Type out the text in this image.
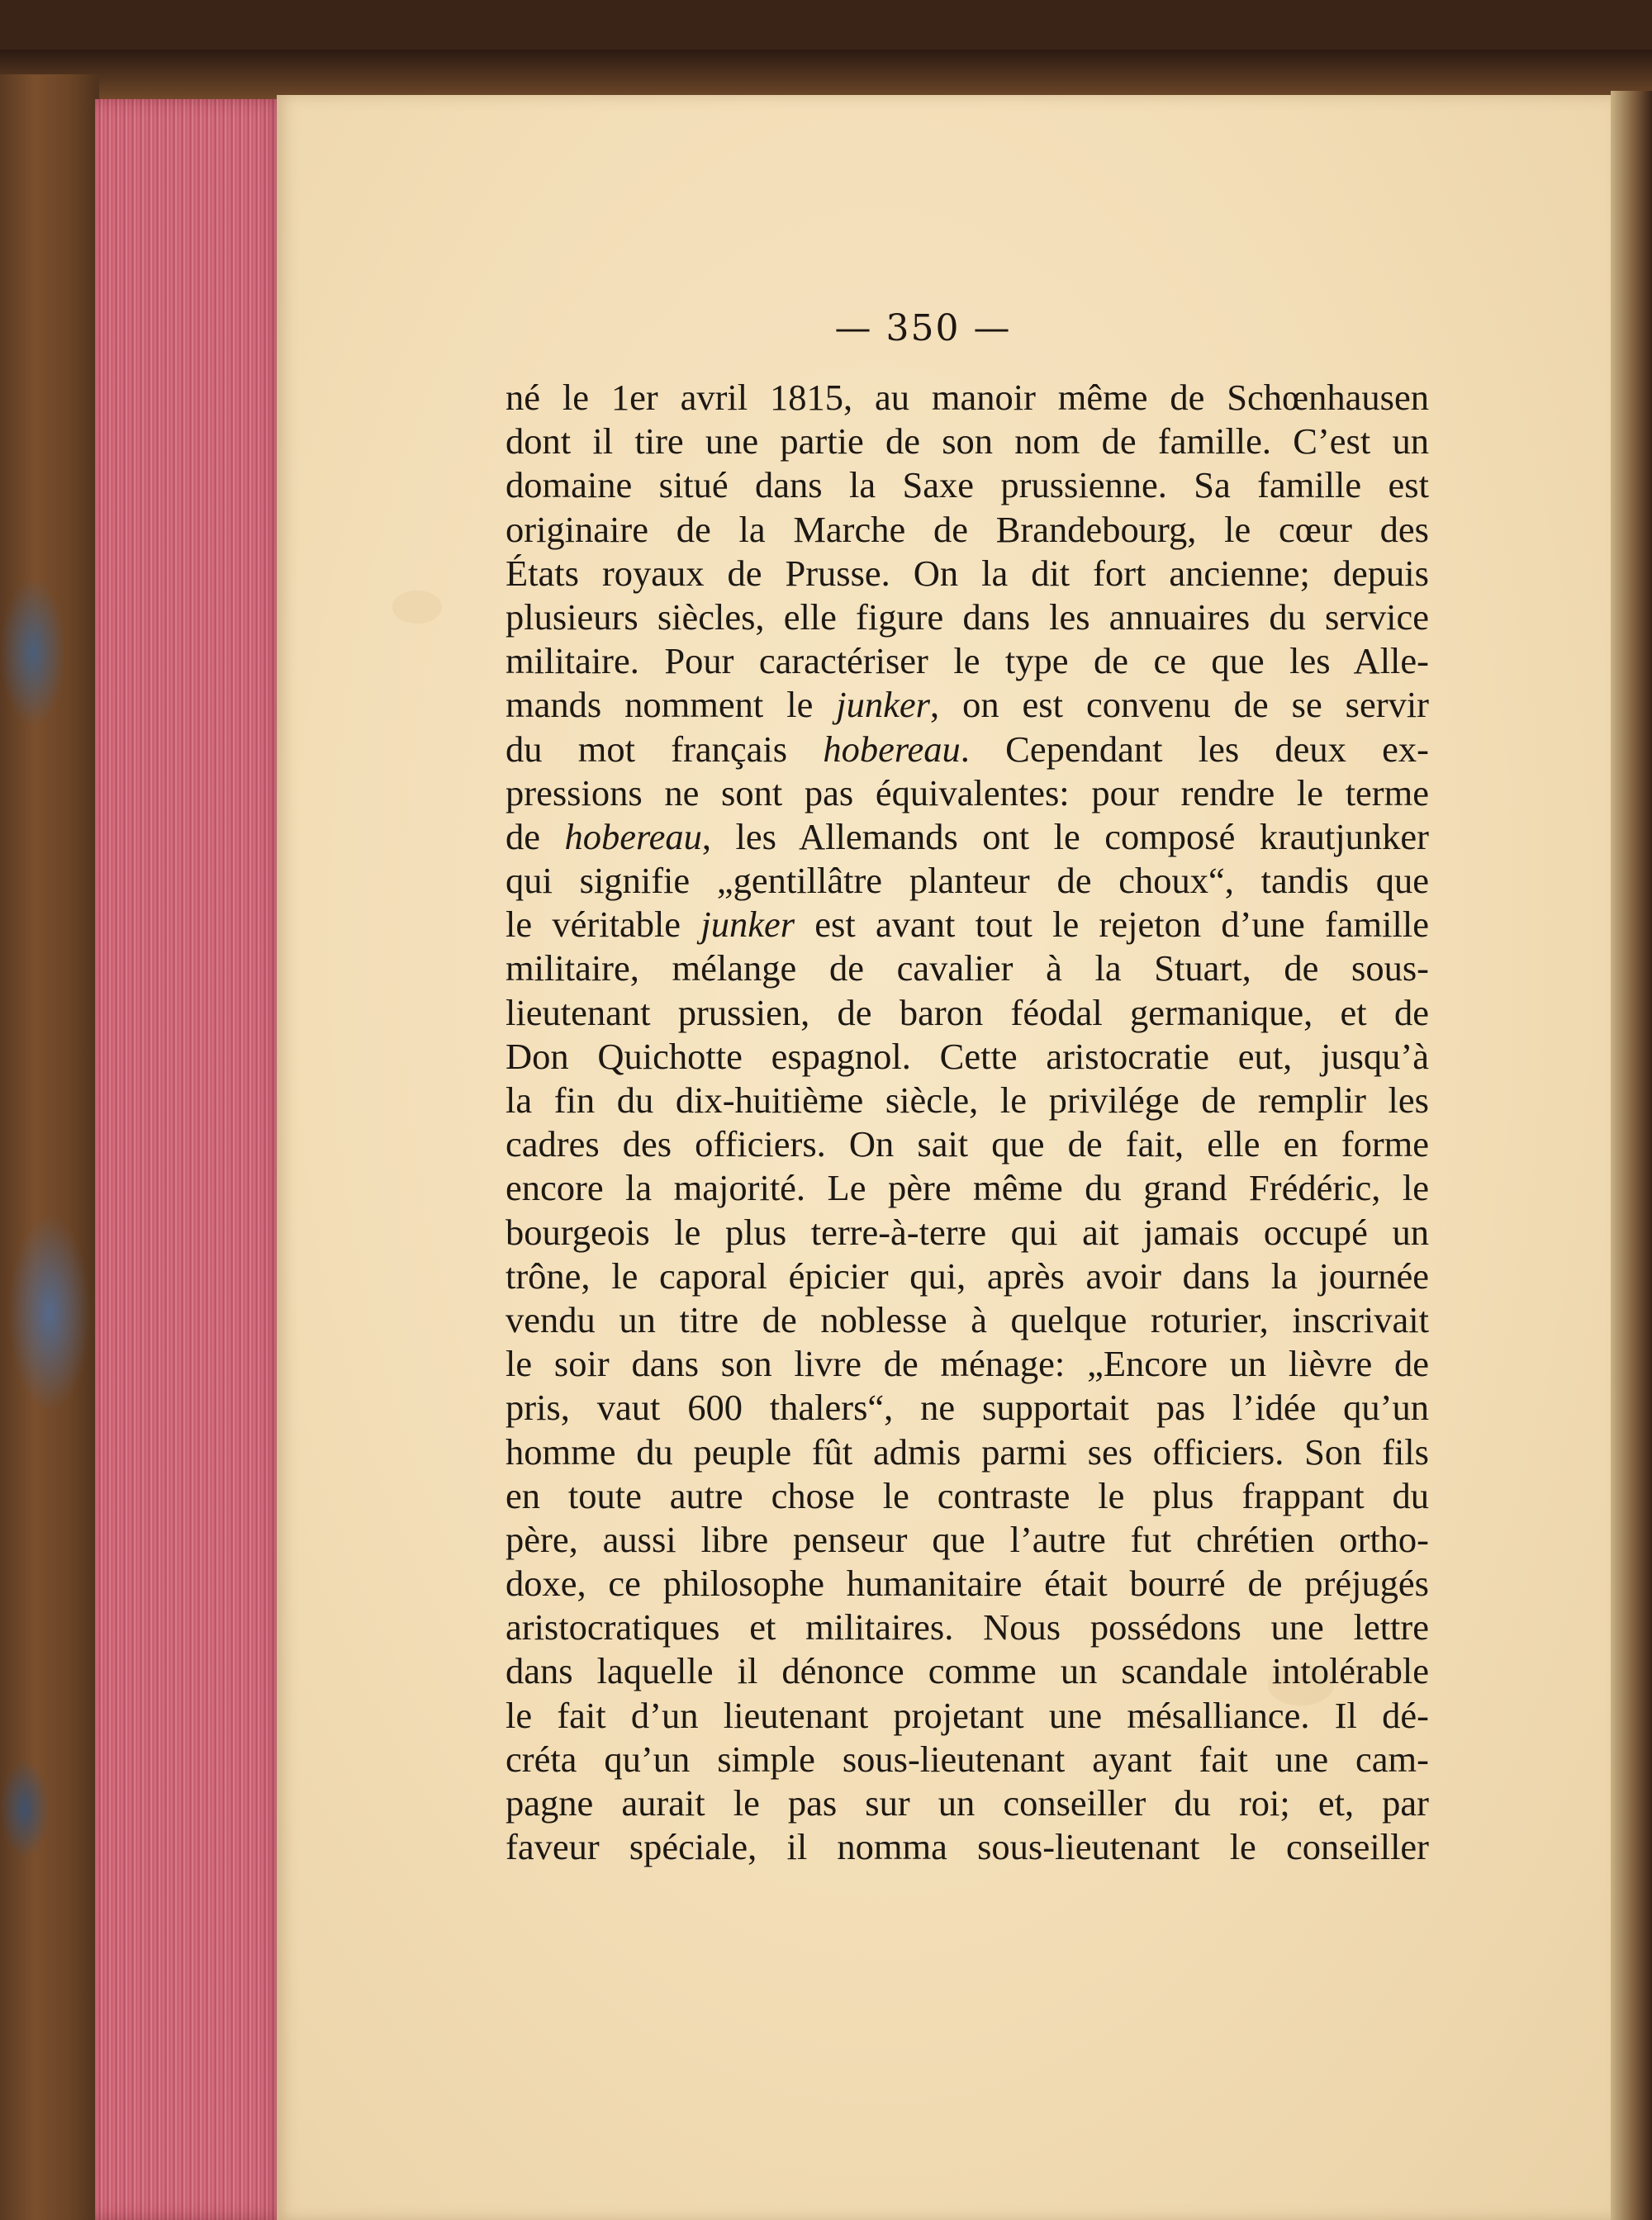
— 350 —
né le 1er avril 1815, au manoir même de Schœnhausen
dont il tire une partie de son nom de famille. C’est un
domaine situé dans la Saxe prussienne. Sa famille est
originaire de la Marche de Brandebourg, le cœur des
États royaux de Prusse. On la dit fort ancienne; depuis
plusieurs siècles, elle figure dans les annuaires du service
militaire. Pour caractériser le type de ce que les Alle-
mands nomment le junker, on est convenu de se servir
du mot français hobereau. Cependant les deux ex-
pressions ne sont pas équivalentes: pour rendre le terme
de hobereau, les Allemands ont le composé krautjunker
qui signifie „gentillâtre planteur de choux“, tandis que
le véritable junker est avant tout le rejeton d’une famille
militaire, mélange de cavalier à la Stuart, de sous-
lieutenant prussien, de baron féodal germanique, et de
Don Quichotte espagnol. Cette aristocratie eut, jusqu’à
la fin du dix-huitième siècle, le privilége de remplir les
cadres des officiers. On sait que de fait, elle en forme
encore la majorité. Le père même du grand Frédéric, le
bourgeois le plus terre-à-terre qui ait jamais occupé un
trône, le caporal épicier qui, après avoir dans la journée
vendu un titre de noblesse à quelque roturier, inscrivait
le soir dans son livre de ménage: „Encore un lièvre de
pris, vaut 600 thalers“, ne supportait pas l’idée qu’un
homme du peuple fût admis parmi ses officiers. Son fils
en toute autre chose le contraste le plus frappant du
père, aussi libre penseur que l’autre fut chrétien ortho-
doxe, ce philosophe humanitaire était bourré de préjugés
aristocratiques et militaires. Nous possédons une lettre
dans laquelle il dénonce comme un scandale intolérable
le fait d’un lieutenant projetant une mésalliance. Il dé-
créta qu’un simple sous-lieutenant ayant fait une cam-
pagne aurait le pas sur un conseiller du roi; et, par
faveur spéciale, il nomma sous-lieutenant le conseiller
